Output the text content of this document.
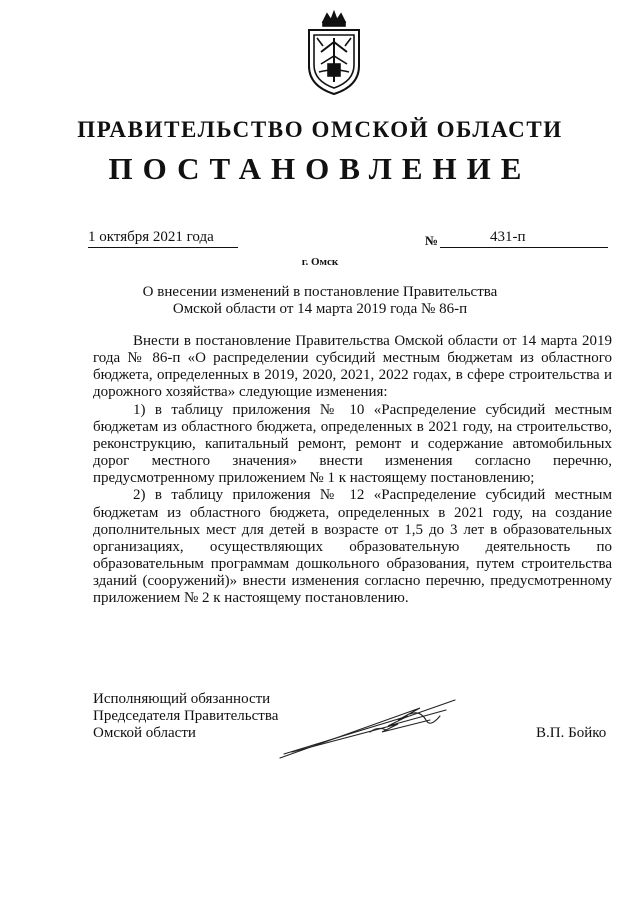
ПРАВИТЕЛЬСТВО ОМСКОЙ ОБЛАСТИ
ПОСТАНОВЛЕНИЕ
1 октября 2021 года	№	431-п
г. Омск
О внесении изменений в постановление Правительства
Омской области от 14 марта 2019 года № 86-п

Внести в постановление Правительства Омской области от 14 марта 2019 года № 86-п «О распределении субсидий местным бюджетам из областного бюджета, определенных в 2019, 2020, 2021, 2022 годах, в сфере строительства и дорожного хозяйства» следующие изменения:

1) в таблицу приложения № 10 «Распределение субсидий местным бюджетам из областного бюджета, определенных в 2021 году, на строительство, реконструкцию, капитальный ремонт, ремонт и содержание автомобильных дорог местного значения» внести изменения согласно перечню, предусмотренному приложением № 1 к настоящему постановлению;

2) в таблицу приложения № 12 «Распределение субсидий местным бюджетам из областного бюджета, определенных в 2021 году, на создание дополнительных мест для детей в возрасте от 1,5 до 3 лет в образовательных организациях, осуществляющих образовательную деятельность по образовательным программам дошкольного образования, путем строительства зданий (сооружений)» внести изменения согласно перечню, предусмотренному приложением № 2 к настоящему постановлению.

Исполняющий обязанности
Председателя Правительства
Омской области	В.П. Бойко
